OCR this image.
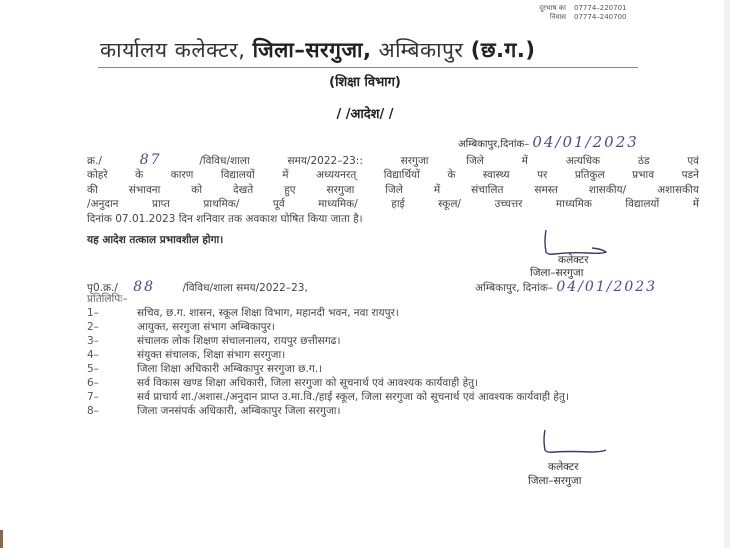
दूरभाष का 07774–220701
निवास 07774–240700
कार्यालय कलेक्टर, जिला–सरगुजा, अम्बिकापुर (छ.ग.)
(शिक्षा विभाग)
/ /आदेश/ /
अम्बिकापुर,दिनांक– 04/01/2023
क्र./	87	/विविध/शाला समय/2022–23:: सरगुजा जिले में अत्यधिक ठंड एवं
कोहरे के कारण विद्यालयों में अध्ययनरत् विद्यार्थियों के स्वास्थ्य पर प्रतिकुल प्रभाव पडने
की संभावना को देखते हुए सरगुजा जिले में संचालित समस्त शासकीय/ अशासकीय
/अनुदान प्राप्त प्राथमिक/ पूर्व माध्यमिक/ हाई स्कूल/ उच्चत्तर माध्यमिक विद्यालयों में
दिनांक 07.01.2023 दिन शनिवार तक अवकाश घोषित किया जाता है।
यह आदेश तत्काल प्रभावशील होगा।
कलेक्टर
जिला–सरगुजा
पृ0.क्र./ 88	/विविध/शाला समय/2022–23,	अम्बिकापुर, दिनांक– 04/01/2023
प्रतिलिपिः–
1–	सचिव, छ.ग. शासन, स्कूल शिक्षा विभाग, महानदी भवन, नवा रायपुर।
2–	आयुक्त, सरगुजा संभाग अम्बिकापुर।
3–	संचालक लोक शिक्षण संचालनालय, रायपुर छत्तीसगढ।
4–	संयुक्त संचालक, शिक्षा संभाग सरगुजा।
5–	जिला शिक्षा अधिकारी अम्बिकापुर सरगुजा छ.ग.।
6–	सर्व विकास खण्ड शिक्षा अधिकारी, जिला सरगुजा को सूचनार्थ एवं आवश्यक कार्यवाही हेतु।
7–	सर्व प्राचार्य शा./अशास./अनुदान प्राप्त उ.मा.वि./हाई स्कूल, जिला सरगुजा को सूचनार्थ एवं आवश्यक कार्यवाही हेतु।
8–	जिला जनसंपर्क अधिकारी, अम्बिकापुर जिला सरगुजा।
कलेक्टर
जिला–सरगुजा
